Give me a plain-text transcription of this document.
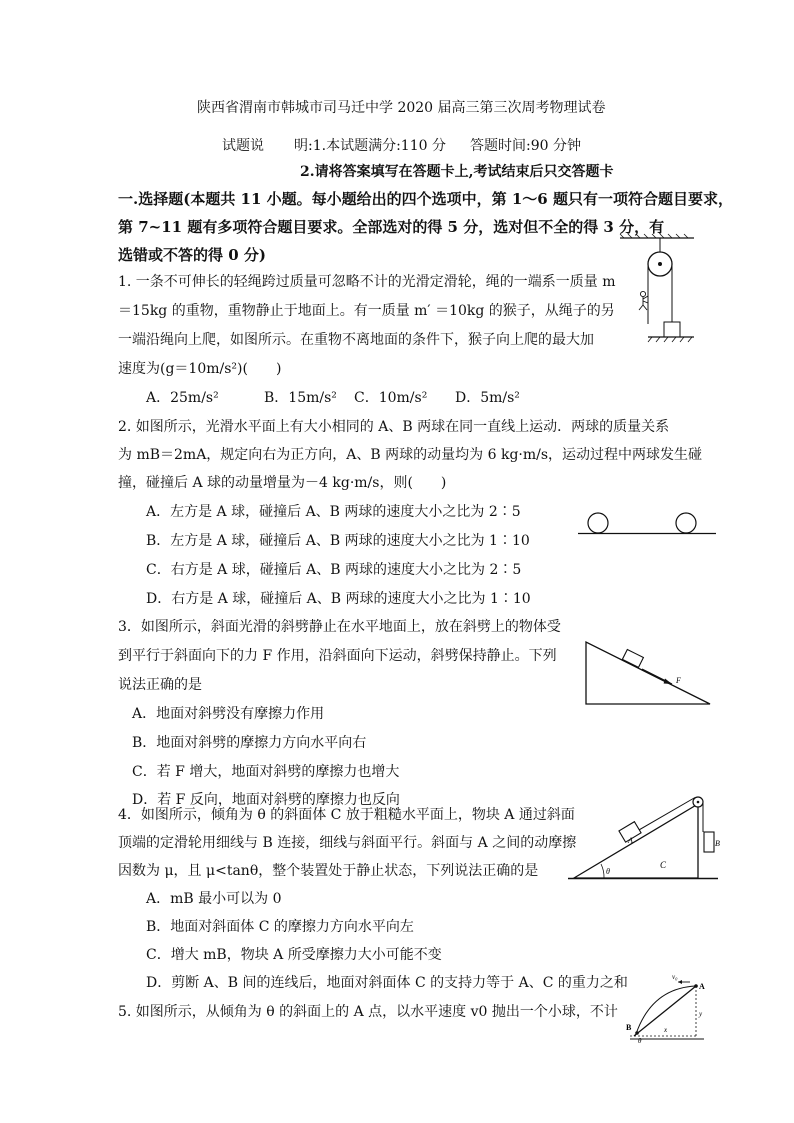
陕西省渭南市韩城市司马迁中学 2020 届高三第三次周考物理试卷
试题说 明:1.本试题满分:110 分 答题时间:90 分钟
2.请将答案填写在答题卡上,考试结束后只交答题卡
一.选择题(本题共 11 小题。每小题给出的四个选项中，第 1～6 题只有一项符合题目要求，
第 7~11 题有多项符合题目要求。全部选对的得 5 分，选对但不全的得 3 分，有
选错或不答的得 0 分)
1. 一条不可伸长的轻绳跨过质量可忽略不计的光滑定滑轮，绳的一端系一质量 m
＝15kg 的重物，重物静止于地面上。有一质量 m′ ＝10kg 的猴子，从绳子的另
一端沿绳向上爬，如图所示。在重物不离地面的条件下，猴子向上爬的最大加
速度为(g＝10m/s²)(　　)
A．25m/s²	B．15m/s² C．10m/s² D．5m/s²
2. 如图所示，光滑水平面上有大小相同的 A、B 两球在同一直线上运动．两球的质量关系
为 mB＝2mA，规定向右为正方向，A、B 两球的动量均为 6 kg·m/s，运动过程中两球发生碰
撞，碰撞后 A 球的动量增量为－4 kg·m/s，则(　　)
A．左方是 A 球，碰撞后 A、B 两球的速度大小之比为 2∶5
B．左方是 A 球，碰撞后 A、B 两球的速度大小之比为 1∶10
C．右方是 A 球，碰撞后 A、B 两球的速度大小之比为 2∶5
D．右方是 A 球，碰撞后 A、B 两球的速度大小之比为 1∶10
3．如图所示，斜面光滑的斜劈静止在水平地面上，放在斜劈上的物体受
到平行于斜面向下的力 F 作用，沿斜面向下运动，斜劈保持静止。下列
说法正确的是
A．地面对斜劈没有摩擦力作用
B．地面对斜劈的摩擦力方向水平向右
C．若 F 增大，地面对斜劈的摩擦力也增大
D．若 F 反向，地面对斜劈的摩擦力也反向
F
4．如图所示，倾角为 θ 的斜面体 C 放于粗糙水平面上，物块 A 通过斜面
顶端的定滑轮用细线与 B 连接，细线与斜面平行。斜面与 A 之间的动摩擦
因数为 μ，且 μ<tanθ，整个装置处于静止状态，下列说法正确的是
A．mB 最小可以为 0
B．地面对斜面体 C 的摩擦力方向水平向左
C．增大 mB，物块 A 所受摩擦力大小可能不变
D．剪断 A、B 间的连线后，地面对斜面体 C 的支持力等于 A、C 的重力之和
A	B
C
θ
5. 如图所示，从倾角为 θ 的斜面上的 A 点，以水平速度 v0 抛出一个小球，不计
v₀
A
B	x
y
θ
